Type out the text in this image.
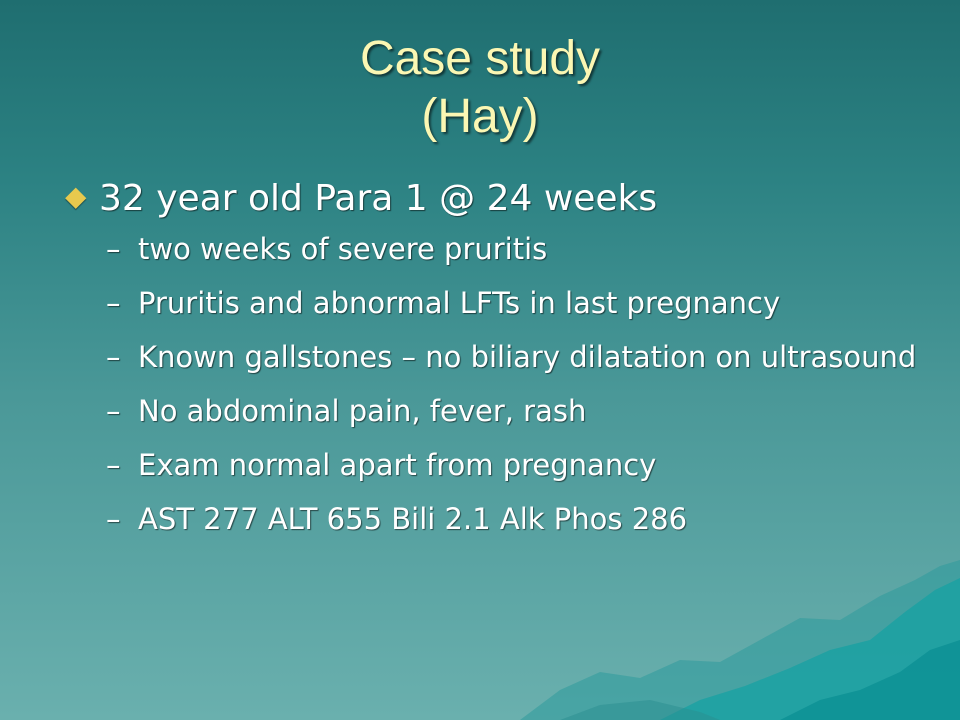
Case study
(Hay)
32 year old Para 1 @ 24 weeks
– two weeks of severe pruritis
– Pruritis and abnormal LFTs in last pregnancy
– Known gallstones – no biliary dilatation on ultrasound
– No abdominal pain, fever, rash
– Exam normal apart from pregnancy
– AST 277 ALT 655 Bili 2.1 Alk Phos 286
